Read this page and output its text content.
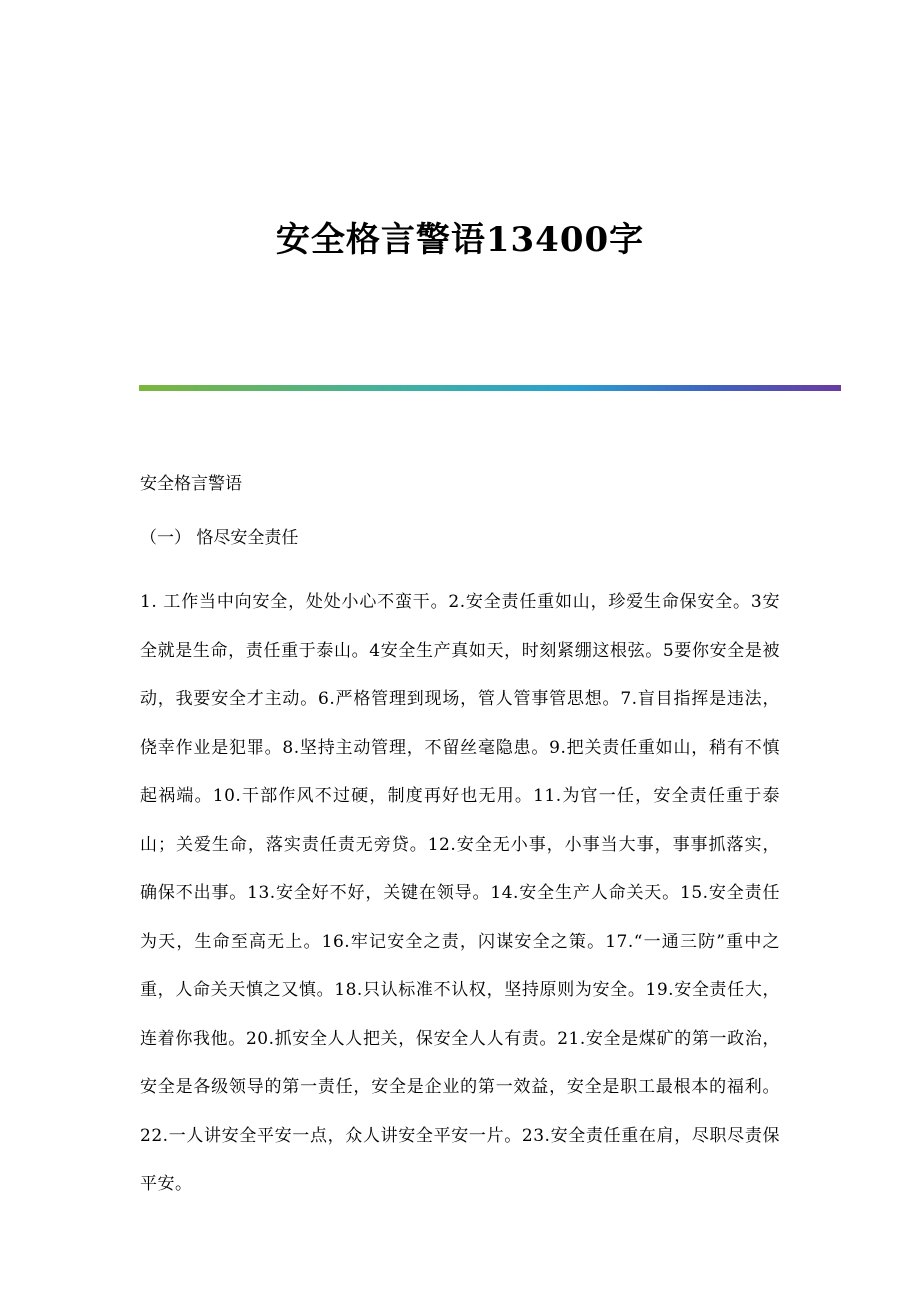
安全格言警语13400字
安全格言警语
（一） 恪尽安全责任
1. 工作当中向安全，处处小心不蛮干。2.安全责任重如山，珍爱生命保安全。3安全就是生命，责任重于泰山。4安全生产真如天，时刻紧绷这根弦。5要你安全是被动，我要安全才主动。6.严格管理到现场，管人管事管思想。7.盲目指挥是违法，侥幸作业是犯罪。8.坚持主动管理，不留丝毫隐患。9.把关责任重如山，稍有不慎起祸端。10.干部作风不过硬，制度再好也无用。11.为官一任，安全责任重于泰山；关爱生命，落实责任责无旁贷。12.安全无小事，小事当大事，事事抓落实，确保不出事。13.安全好不好，关键在领导。14.安全生产人命关天。15.安全责任为天，生命至高无上。16.牢记安全之责，闪谋安全之策。17.“一通三防”重中之重，人命关天慎之又慎。18.只认标准不认权，坚持原则为安全。19.安全责任大，连着你我他。20.抓安全人人把关，保安全人人有责。21.安全是煤矿的第一政治，安全是各级领导的第一责任，安全是企业的第一效益，安全是职工最根本的福利。22.一人讲安全平安一点，众人讲安全平安一片。23.安全责任重在肩，尽职尽责保平安。
